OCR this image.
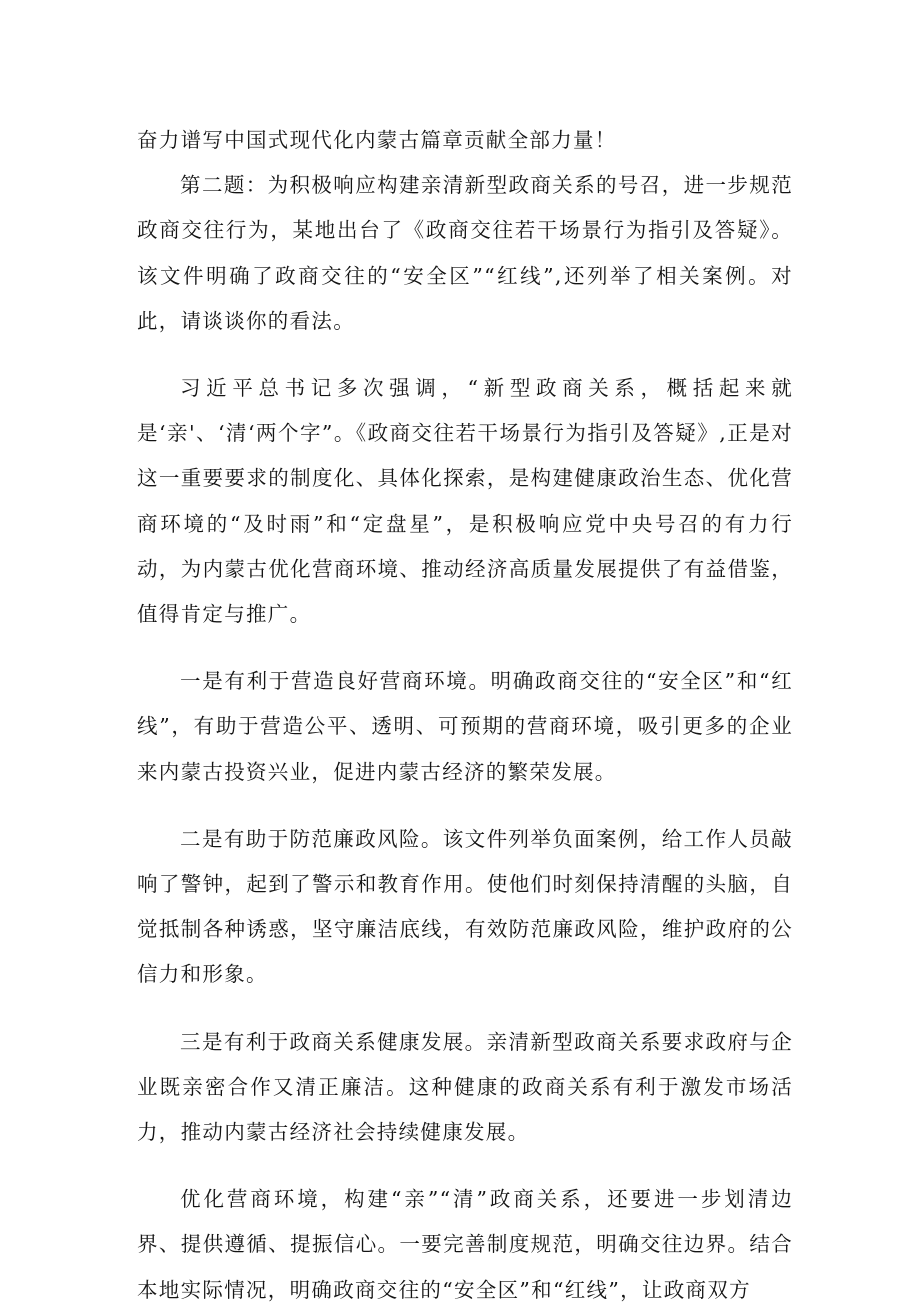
奋力谱写中国式现代化内蒙古篇章贡献全部力量！

第二题：为积极响应构建亲清新型政商关系的号召，进一步规范政商交往行为，某地出台了《政商交往若干场景行为指引及答疑》。该文件明确了政商交往的“安全区”“红线”,还列举了相关案例。对此，请谈谈你的看法。

习近平总书记多次强调，“新型政商关系，概括起来就是‘亲'、‘清‘两个字”。《政商交往若干场景行为指引及答疑》,正是对这一重要要求的制度化、具体化探索，是构建健康政治生态、优化营商环境的“及时雨”和“定盘星”，是积极响应党中央号召的有力行动，为内蒙古优化营商环境、推动经济高质量发展提供了有益借鉴，值得肯定与推广。

一是有利于营造良好营商环境。明确政商交往的“安全区”和“红线”，有助于营造公平、透明、可预期的营商环境，吸引更多的企业来内蒙古投资兴业，促进内蒙古经济的繁荣发展。

二是有助于防范廉政风险。该文件列举负面案例，给工作人员敲响了警钟，起到了警示和教育作用。使他们时刻保持清醒的头脑，自觉抵制各种诱惑，坚守廉洁底线，有效防范廉政风险，维护政府的公信力和形象。

三是有利于政商关系健康发展。亲清新型政商关系要求政府与企业既亲密合作又清正廉洁。这种健康的政商关系有利于激发市场活力，推动内蒙古经济社会持续健康发展。

优化营商环境，构建“亲”“清”政商关系，还要进一步划清边界、提供遵循、提振信心。一要完善制度规范，明确交往边界。结合本地实际情况，明确政商交往的“安全区”和“红线”，让政商双方
